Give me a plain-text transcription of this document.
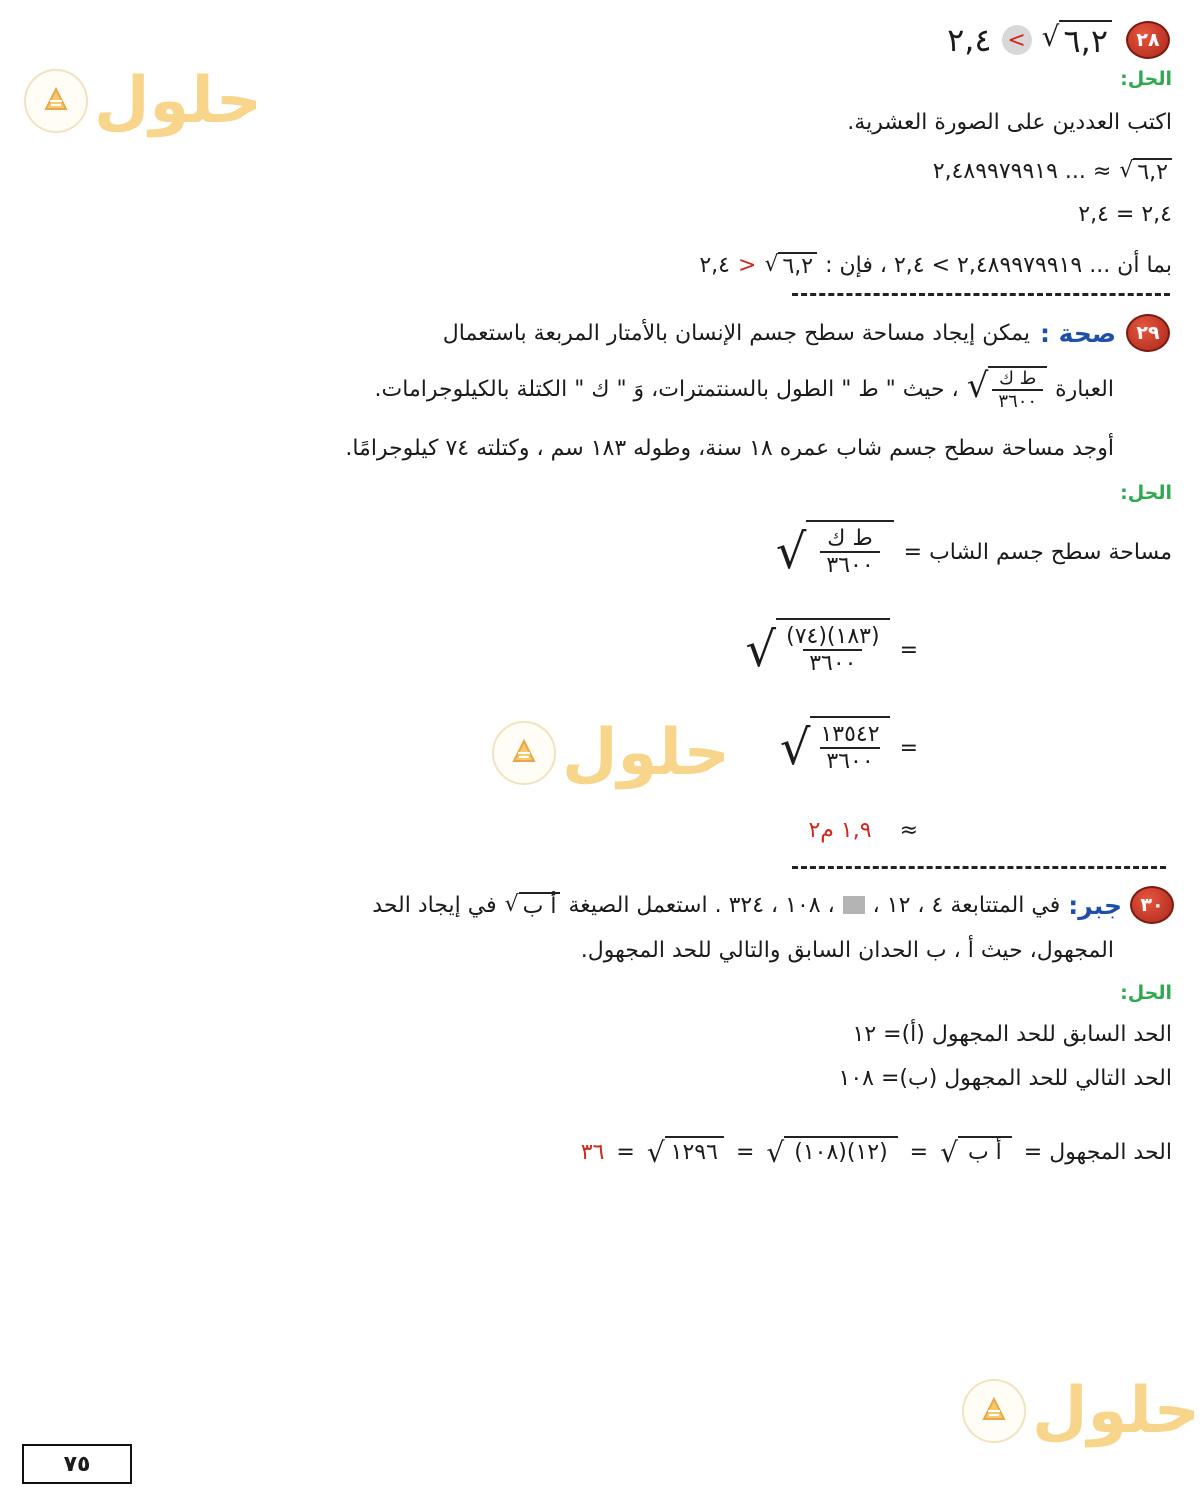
حلول
حلول
حلول
٢٨
٢,٤ < √ ٦,٢
الحل:
اكتب العددين على الصورة العشرية.
√ ٦,٢
≈ ... ٢,٤٨٩٩٧٩٩١٩
٢,٤ = ٢,٤
بما أن ... ٢,٤٨٩٩٧٩٩١٩ > ٢,٤ ، فإن :
√ ٦,٢
<
٢,٤
٢٩
صحة :
يمكن إيجاد مساحة سطح جسم الإنسان بالأمتار المربعة باستعمال
العبارة
√ $\frac{\text{ط ك}}{٣٦٠٠}$
، حيث " ط " الطول بالسنتمترات، وَ " ك " الكتلة بالكيلوجرامات.
أوجد مساحة سطح جسم شاب عمره ١٨ سنة، وطوله ١٨٣ سم ، وكتلته ٧٤ كيلوجرامًا.
الحل:
مساحة سطح جسم الشاب =
√ $\frac{\text{ط ك}}{٣٦٠٠}$
=
√ $\frac{(٧٤)(١٨٣)}{٣٦٠٠}$
=
√ $\frac{١٣٥٤٢}{٣٦٠٠}$
≈
١,٩ م٢
٣٠
جبر:
في المتتابعة ٤ ، ١٢ ،
، ١٠٨ ، ٣٢٤ . استعمل الصيغة
√ أ ب
في إيجاد الحد
المجهول، حيث أ ، ب الحدان السابق والتالي للحد المجهول.
الحل:
الحد السابق للحد المجهول (أ)= ١٢
الحد التالي للحد المجهول (ب)= ١٠٨
الحد المجهول =
√ أ ب
=
√ (١٠٨)(١٢)
=
√ ١٢٩٦
=
٣٦
٧٥
